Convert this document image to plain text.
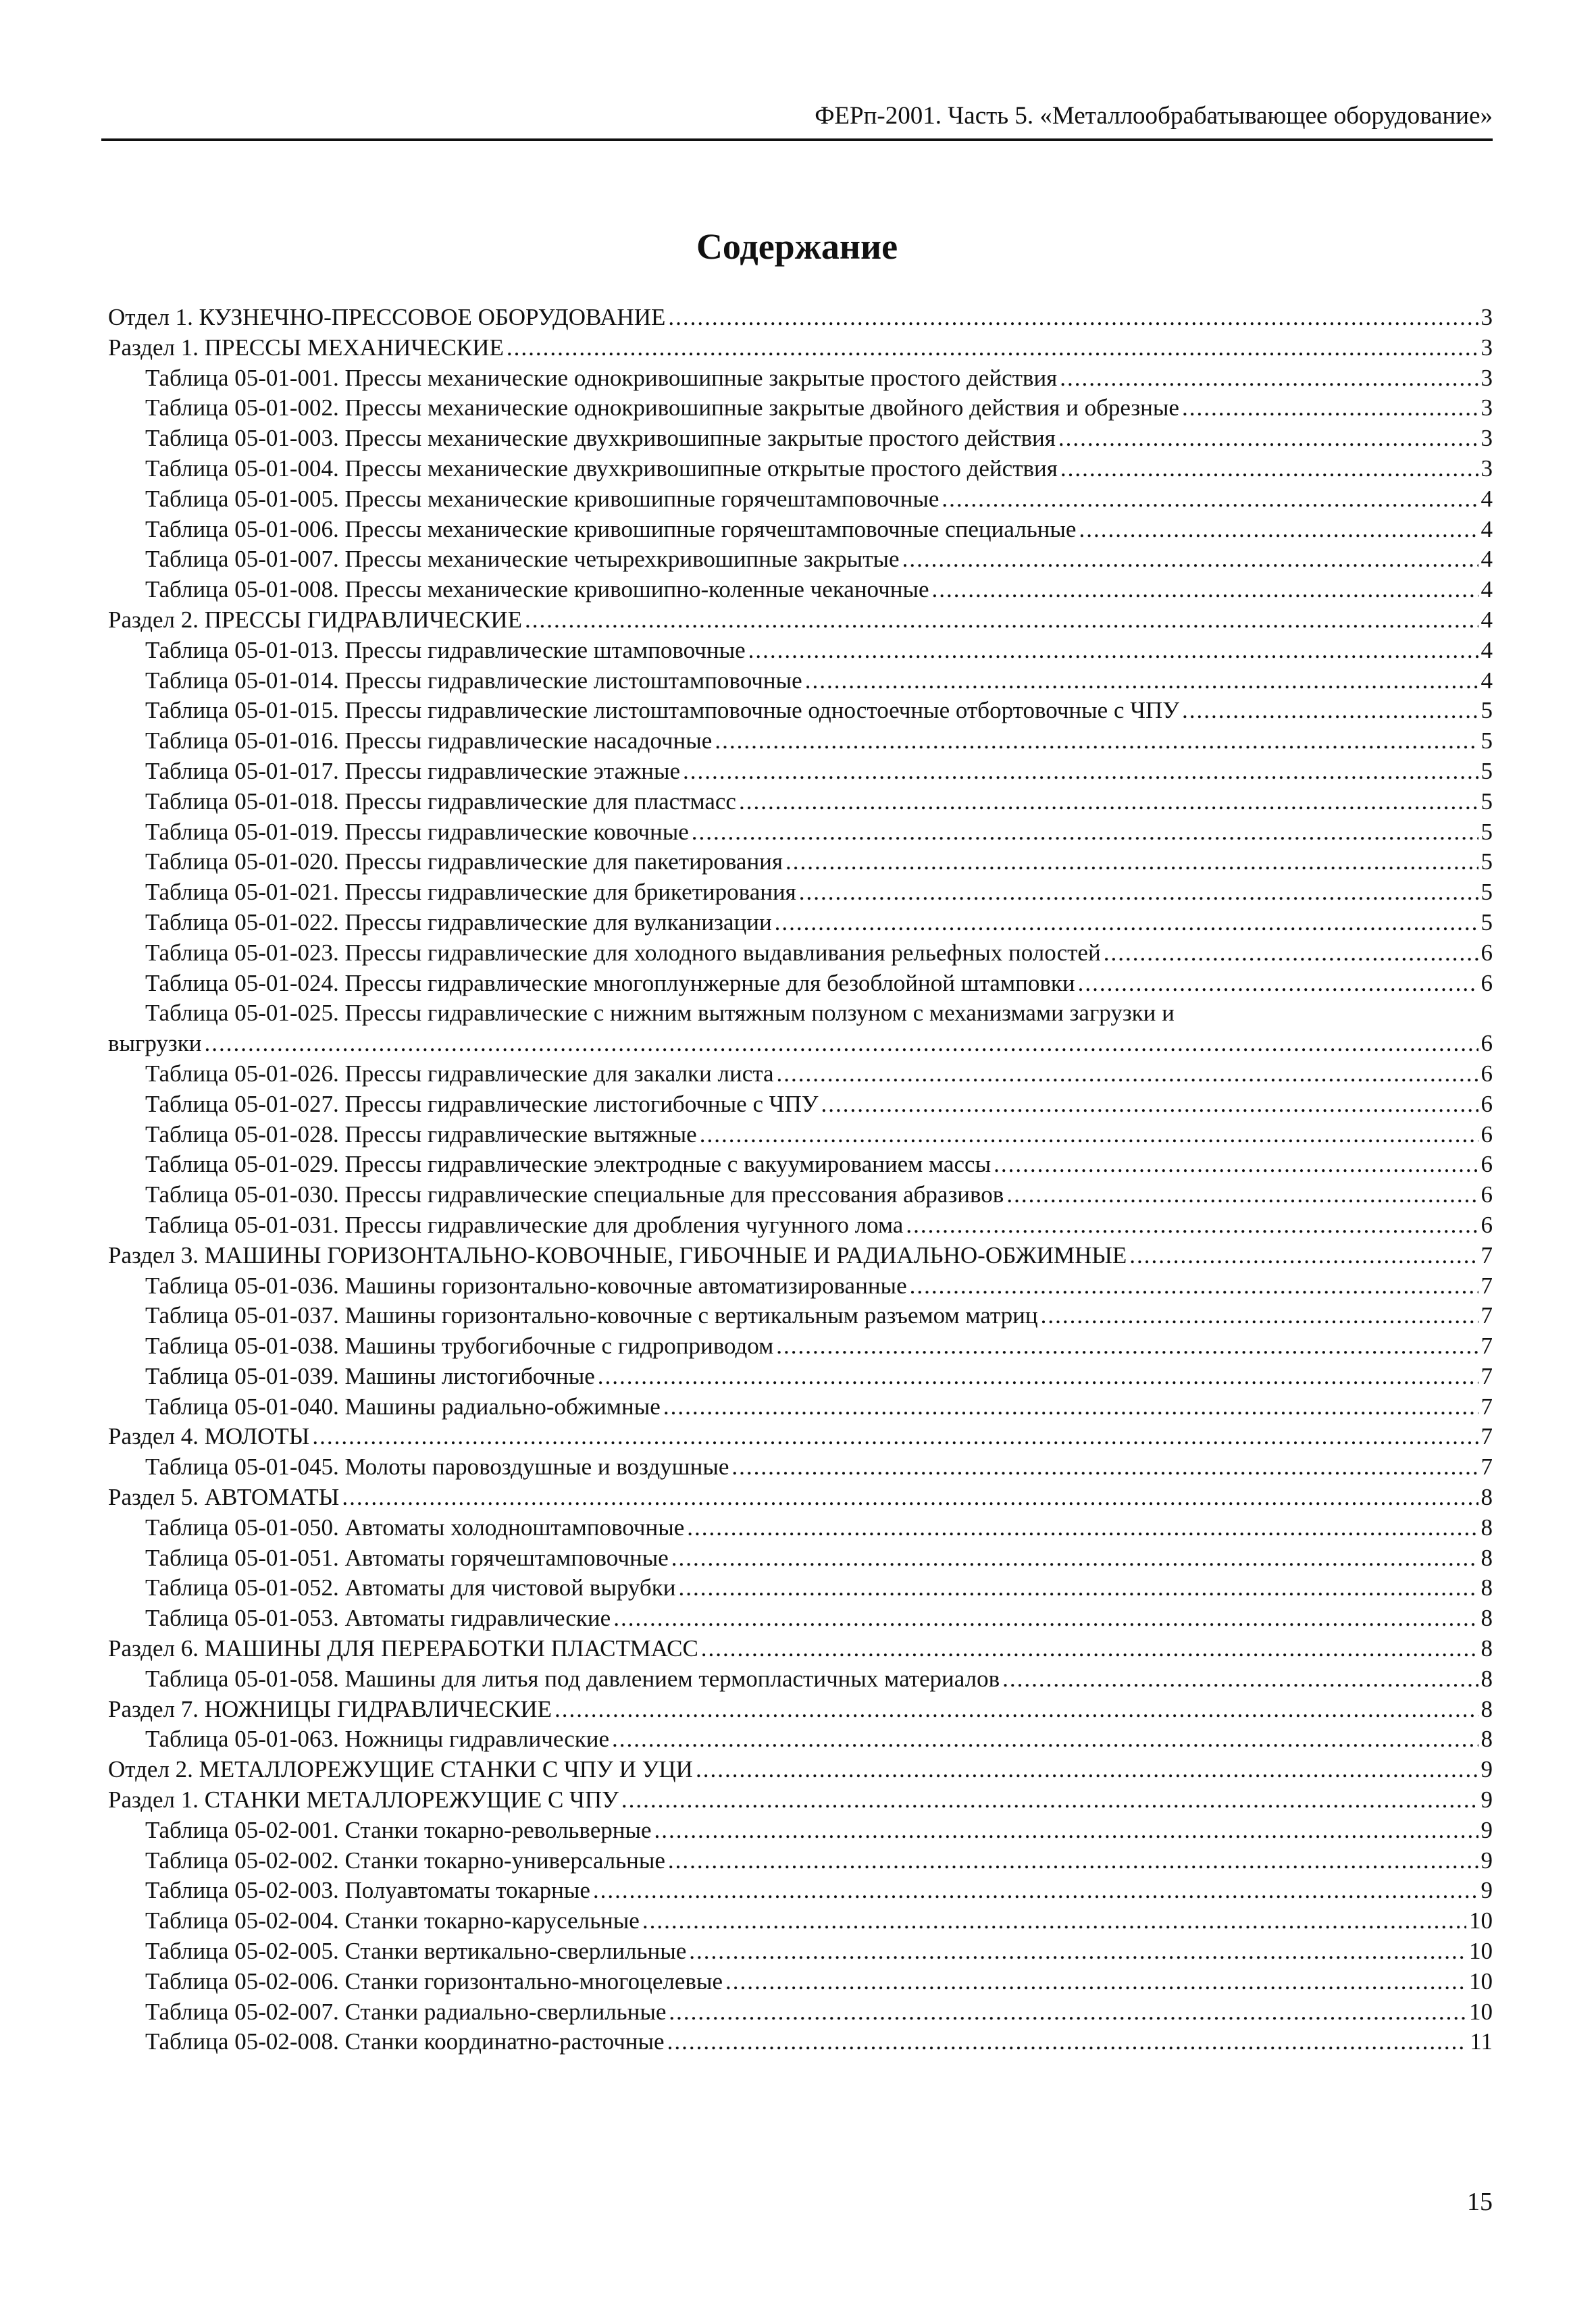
ФЕРп-2001. Часть 5. «Металлообрабатывающее оборудование»
Содержание
Отдел 1. КУЗНЕЧНО-ПРЕССОВОЕ ОБОРУДОВАНИЕ .....	3
Раздел 1. ПРЕССЫ МЕХАНИЧЕСКИЕ .....	3
Таблица 05-01-001. Прессы механические однокривошипные закрытые простого действия .....	3
Таблица 05-01-002. Прессы механические однокривошипные закрытые двойного действия и обрезные .....	3
Таблица 05-01-003. Прессы механические двухкривошипные закрытые простого действия .....	3
Таблица 05-01-004. Прессы механические двухкривошипные открытые простого действия .....	3
Таблица 05-01-005. Прессы механические кривошипные горячештамповочные .....	4
Таблица 05-01-006. Прессы механические кривошипные горячештамповочные специальные .....	4
Таблица 05-01-007. Прессы механические четырехкривошипные закрытые .....	4
Таблица 05-01-008. Прессы механические кривошипно-коленные чеканочные .....	4
Раздел 2. ПРЕССЫ ГИДРАВЛИЧЕСКИЕ .....	4
Таблица 05-01-013. Прессы гидравлические штамповочные .....	4
Таблица 05-01-014. Прессы гидравлические листоштамповочные .....	4
Таблица 05-01-015. Прессы гидравлические листоштамповочные одностоечные отбортовочные с ЧПУ .....	5
Таблица 05-01-016. Прессы гидравлические насадочные .....	5
Таблица 05-01-017. Прессы гидравлические этажные .....	5
Таблица 05-01-018. Прессы гидравлические для пластмасс .....	5
Таблица 05-01-019. Прессы гидравлические ковочные .....	5
Таблица 05-01-020. Прессы гидравлические для пакетирования .....	5
Таблица 05-01-021. Прессы гидравлические для брикетирования .....	5
Таблица 05-01-022. Прессы гидравлические для вулканизации .....	5
Таблица 05-01-023. Прессы гидравлические для холодного выдавливания рельефных полостей .....	6
Таблица 05-01-024. Прессы гидравлические многоплунжерные для безоблойной штамповки .....	6
Таблица 05-01-025. Прессы гидравлические с нижним вытяжным ползуном с механизмами загрузки и
выгрузки .....	6
Таблица 05-01-026. Прессы гидравлические для закалки листа .....	6
Таблица 05-01-027. Прессы гидравлические листогибочные с ЧПУ .....	6
Таблица 05-01-028. Прессы гидравлические вытяжные .....	6
Таблица 05-01-029. Прессы гидравлические электродные с вакуумированием массы .....	6
Таблица 05-01-030. Прессы гидравлические специальные для прессования абразивов .....	6
Таблица 05-01-031. Прессы гидравлические для дробления чугунного лома .....	6
Раздел 3. МАШИНЫ ГОРИЗОНТАЛЬНО-КОВОЧНЫЕ, ГИБОЧНЫЕ И РАДИАЛЬНО-ОБЖИМНЫЕ .....	7
Таблица 05-01-036. Машины горизонтально-ковочные автоматизированные .....	7
Таблица 05-01-037. Машины горизонтально-ковочные с вертикальным разъемом матриц .....	7
Таблица 05-01-038. Машины трубогибочные с гидроприводом .....	7
Таблица 05-01-039. Машины листогибочные .....	7
Таблица 05-01-040. Машины радиально-обжимные .....	7
Раздел 4. МОЛОТЫ .....	7
Таблица 05-01-045. Молоты паровоздушные и воздушные .....	7
Раздел 5. АВТОМАТЫ .....	8
Таблица 05-01-050. Автоматы холодноштамповочные .....	8
Таблица 05-01-051. Автоматы горячештамповочные .....	8
Таблица 05-01-052. Автоматы для чистовой вырубки .....	8
Таблица 05-01-053. Автоматы гидравлические .....	8
Раздел 6. МАШИНЫ ДЛЯ ПЕРЕРАБОТКИ ПЛАСТМАСС .....	8
Таблица 05-01-058. Машины для литья под давлением термопластичных материалов .....	8
Раздел 7. НОЖНИЦЫ ГИДРАВЛИЧЕСКИЕ .....	8
Таблица 05-01-063. Ножницы гидравлические .....	8
Отдел 2. МЕТАЛЛОРЕЖУЩИЕ СТАНКИ С ЧПУ И УЦИ .....	9
Раздел 1. СТАНКИ МЕТАЛЛОРЕЖУЩИЕ С ЧПУ .....	9
Таблица 05-02-001. Станки токарно-револьверные .....	9
Таблица 05-02-002. Станки токарно-универсальные .....	9
Таблица 05-02-003. Полуавтоматы токарные .....	9
Таблица 05-02-004. Станки токарно-карусельные .....	10
Таблица 05-02-005. Станки вертикально-сверлильные .....	10
Таблица 05-02-006. Станки горизонтально-многоцелевые .....	10
Таблица 05-02-007. Станки радиально-сверлильные .....	10
Таблица 05-02-008. Станки координатно-расточные .....	11
15
